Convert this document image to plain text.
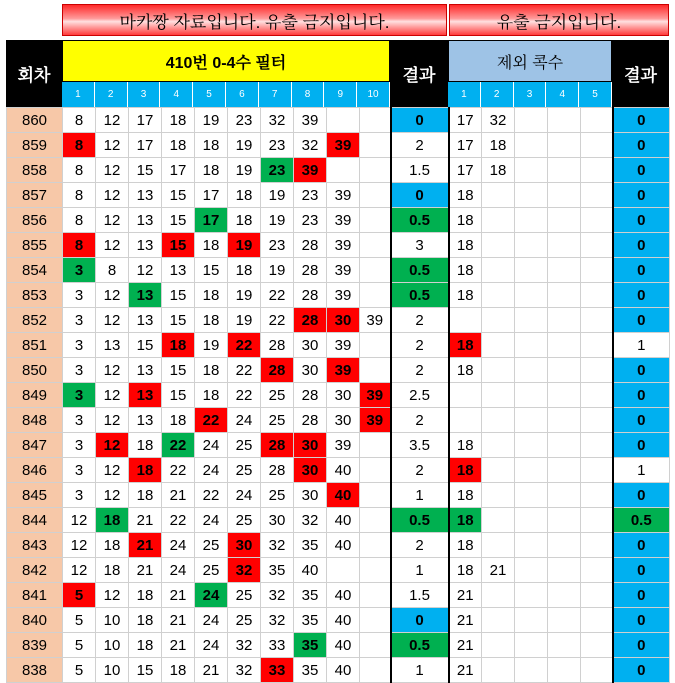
마카짱 자료입니다. 유출 금지입니다.	유출 금지입니다.
회차
410번 0-4수 필터
결과
제외 콕수
결과
1	2	3	4	5	6	7	8	9	10	1	2	3	4	5
860	8	12	17	18	19	23	32	39			0	17	32				0
859	8	12	17	18	18	19	23	32	39		2	17	18				0
858	8	12	15	17	18	19	23	39			1.5	17	18				0
857	8	12	13	15	17	18	19	23	39		0	18					0
856	8	12	13	15	17	18	19	23	39		0.5	18					0
855	8	12	13	15	18	19	23	28	39		3	18					0
854	3	8	12	13	15	18	19	28	39		0.5	18					0
853	3	12	13	15	18	19	22	28	39		0.5	18					0
852	3	12	13	15	18	19	22	28	30	39	2						0
851	3	13	15	18	19	22	28	30	39		2	18					1
850	3	12	13	15	18	22	28	30	39		2	18					0
849	3	12	13	15	18	22	25	28	30	39	2.5						0
848	3	12	13	18	22	24	25	28	30	39	2						0
847	3	12	18	22	24	25	28	30	39		3.5	18					0
846	3	12	18	22	24	25	28	30	40		2	18					1
845	3	12	18	21	22	24	25	30	40		1	18					0
844	12	18	21	22	24	25	30	32	40		0.5	18					0.5
843	12	18	21	24	25	30	32	35	40		2	18					0
842	12	18	21	24	25	32	35	40			1	18	21				0
841	5	12	18	21	24	25	32	35	40		1.5	21					0
840	5	10	18	21	24	25	32	35	40		0	21					0
839	5	10	18	21	24	32	33	35	40		0.5	21					0
838	5	10	15	18	21	32	33	35	40		1	21					0
